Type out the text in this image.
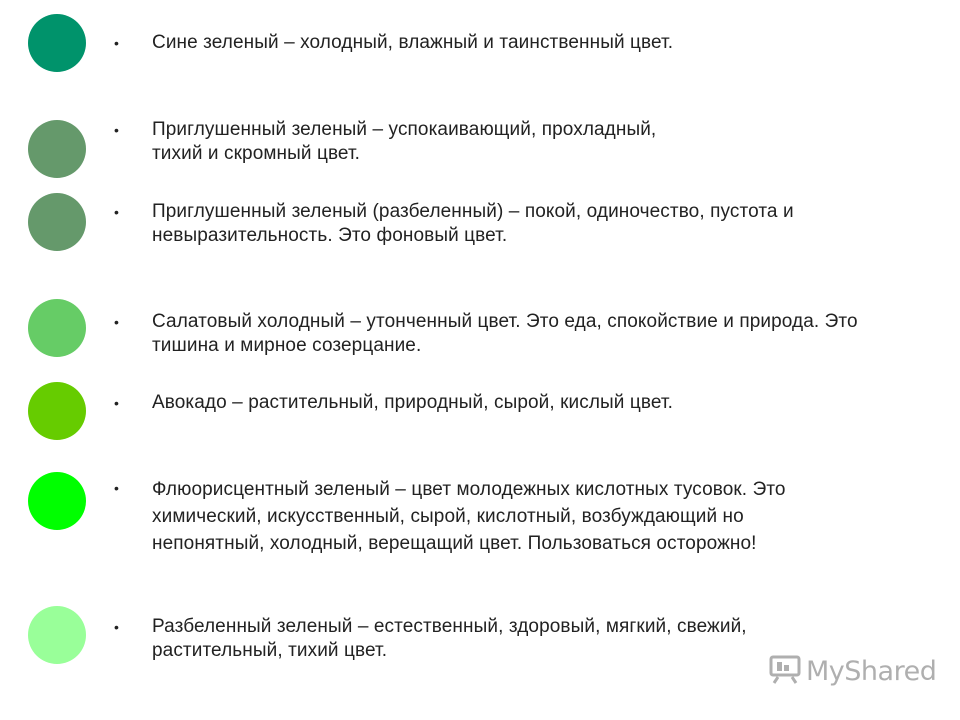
• Сине зеленый – холодный, влажный и таинственный цвет.

• Приглушенный зеленый – успокаивающий, прохладный,
тихий и скромный цвет.

• Приглушенный зеленый (разбеленный) – покой, одиночество, пустота и
невыразительность. Это фоновый цвет.

• Салатовый холодный – утонченный цвет. Это еда, спокойствие и природа. Это
тишина и мирное созерцание.

• Авокадо – растительный, природный, сырой, кислый цвет.

• Флюорисцентный зеленый – цвет молодежных кислотных тусовок. Это
химический, искусственный, сырой, кислотный, возбуждающий но
непонятный, холодный, верещащий цвет. Пользоваться осторожно!

• Разбеленный зеленый – естественный, здоровый, мягкий, свежий,
растительный, тихий цвет.

MyShared
